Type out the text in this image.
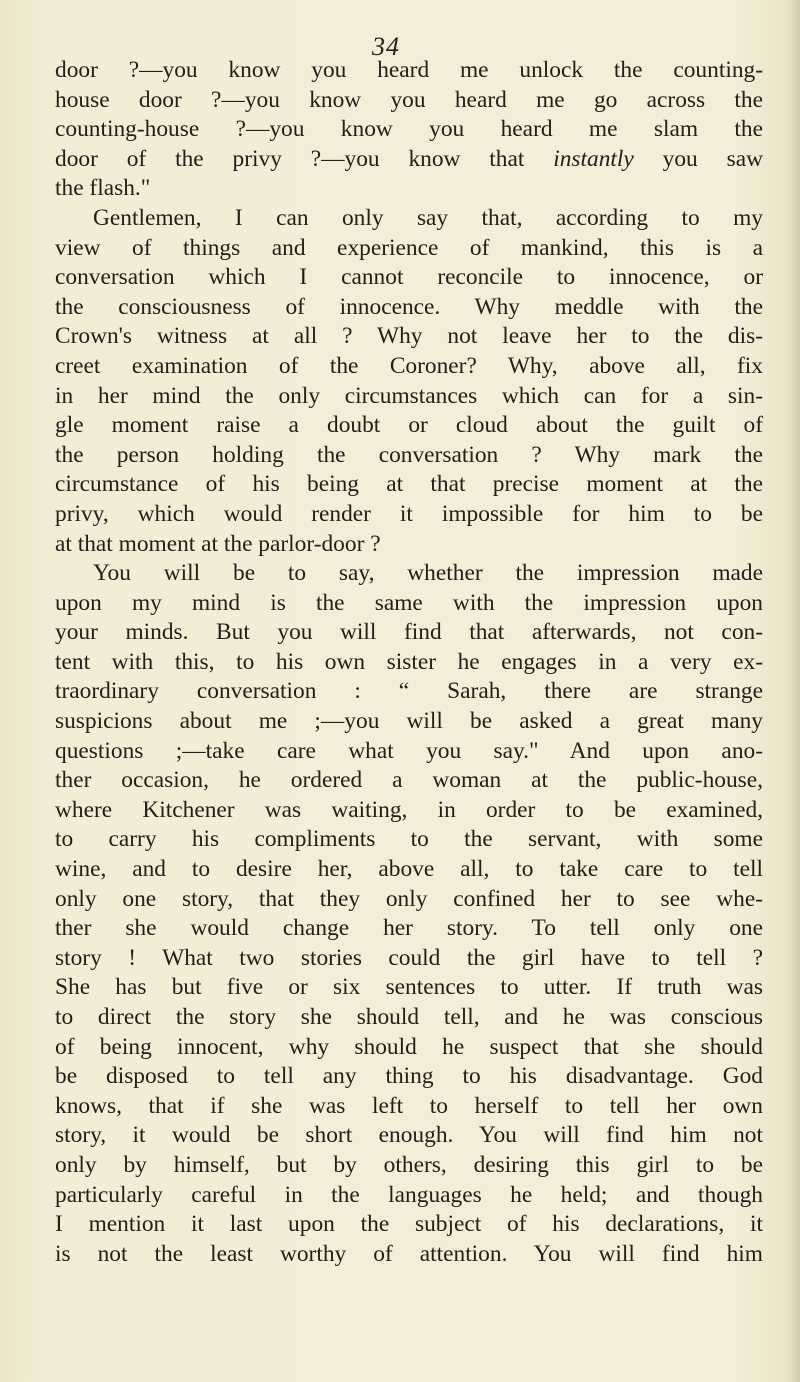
34
door ?—you know you heard me unlock the counting-
house door ?—you know you heard me go across the
counting-house ?—you know you heard me slam the
door of the privy ?—you know that instantly you saw
the flash."
Gentlemen, I can only say that, according to my
view of things and experience of mankind, this is a
conversation which I cannot reconcile to innocence, or
the consciousness of innocence. Why meddle with the
Crown's witness at all ? Why not leave her to the dis-
creet examination of the Coroner? Why, above all, fix
in her mind the only circumstances which can for a sin-
gle moment raise a doubt or cloud about the guilt of
the person holding the conversation ? Why mark the
circumstance of his being at that precise moment at the
privy, which would render it impossible for him to be
at that moment at the parlor-door ?
You will be to say, whether the impression made
upon my mind is the same with the impression upon
your minds. But you will find that afterwards, not con-
tent with this, to his own sister he engages in a very ex-
traordinary conversation : “ Sarah, there are strange
suspicions about me ;—you will be asked a great many
questions ;—take care what you say." And upon ano-
ther occasion, he ordered a woman at the public-house,
where Kitchener was waiting, in order to be examined,
to carry his compliments to the servant, with some
wine, and to desire her, above all, to take care to tell
only one story, that they only confined her to see whe-
ther she would change her story. To tell only one
story ! What two stories could the girl have to tell ?
She has but five or six sentences to utter. If truth was
to direct the story she should tell, and he was conscious
of being innocent, why should he suspect that she should
be disposed to tell any thing to his disadvantage. God
knows, that if she was left to herself to tell her own
story, it would be short enough. You will find him not
only by himself, but by others, desiring this girl to be
particularly careful in the languages he held; and though
I mention it last upon the subject of his declarations, it
is not the least worthy of attention. You will find him
